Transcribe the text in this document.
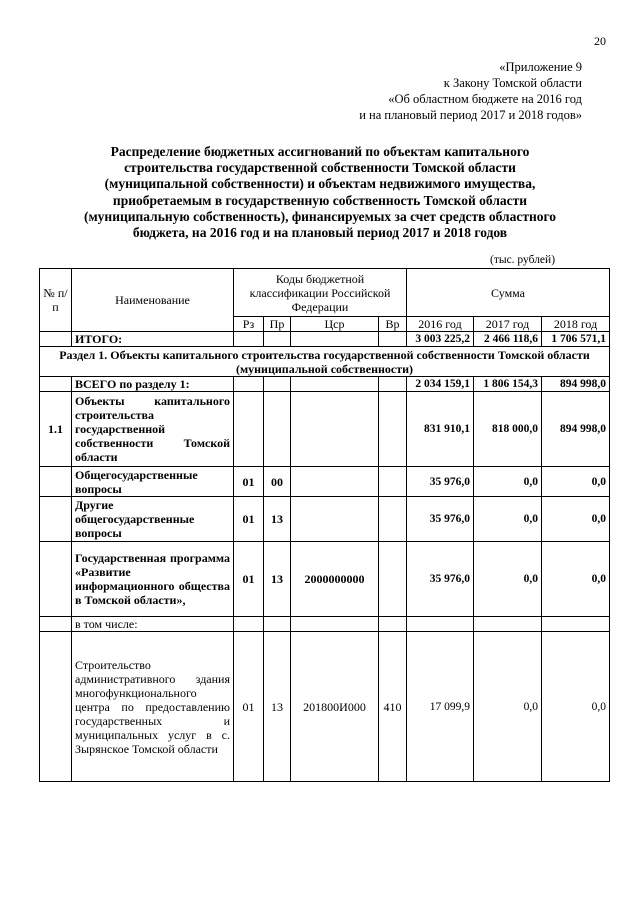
20
«Приложение 9
к Закону Томской области
«Об областном бюджете на 2016 год
и на плановый период 2017 и 2018 годов»
Распределение бюджетных ассигнований по объектам капитального строительства государственной собственности Томской области (муниципальной собственности) и объектам недвижимого имущества, приобретаемым в государственную собственность Томской области (муниципальную собственность), финансируемых за счет средств областного бюджета, на 2016 год и на плановый период 2017 и 2018 годов
(тыс. рублей)
№ п/п	Наименование	Коды бюджетной классификации Российской Федерации				Сумма		
		Рз	Пр	Цср	Вр	2016 год	2017 год	2018 год
	ИТОГО:					3 003 225,2	2 466 118,6	1 706 571,1
Раздел 1. Объекты капитального строительства государственной собственности Томской области (муниципальной собственности)								
	ВСЕГО по разделу 1:					2 034 159,1	1 806 154,3	894 998,0
1.1	Объекты капитального строительства государственной собственности Томской области					831 910,1	818 000,0	894 998,0
	Общегосударственные вопросы	01	00			35 976,0	0,0	0,0
	Другие общегосударственные вопросы	01	13			35 976,0	0,0	0,0
	Государственная программа «Развитие информационного общества в Томской области»,	01	13	2000000000		35 976,0	0,0	0,0
	в том числе:							
	Строительство административного здания многофункционального центра по предоставлению государственных и муниципальных услуг в с. Зырянское Томской области	01	13	201800И000	410	17 099,9	0,0	0,0
